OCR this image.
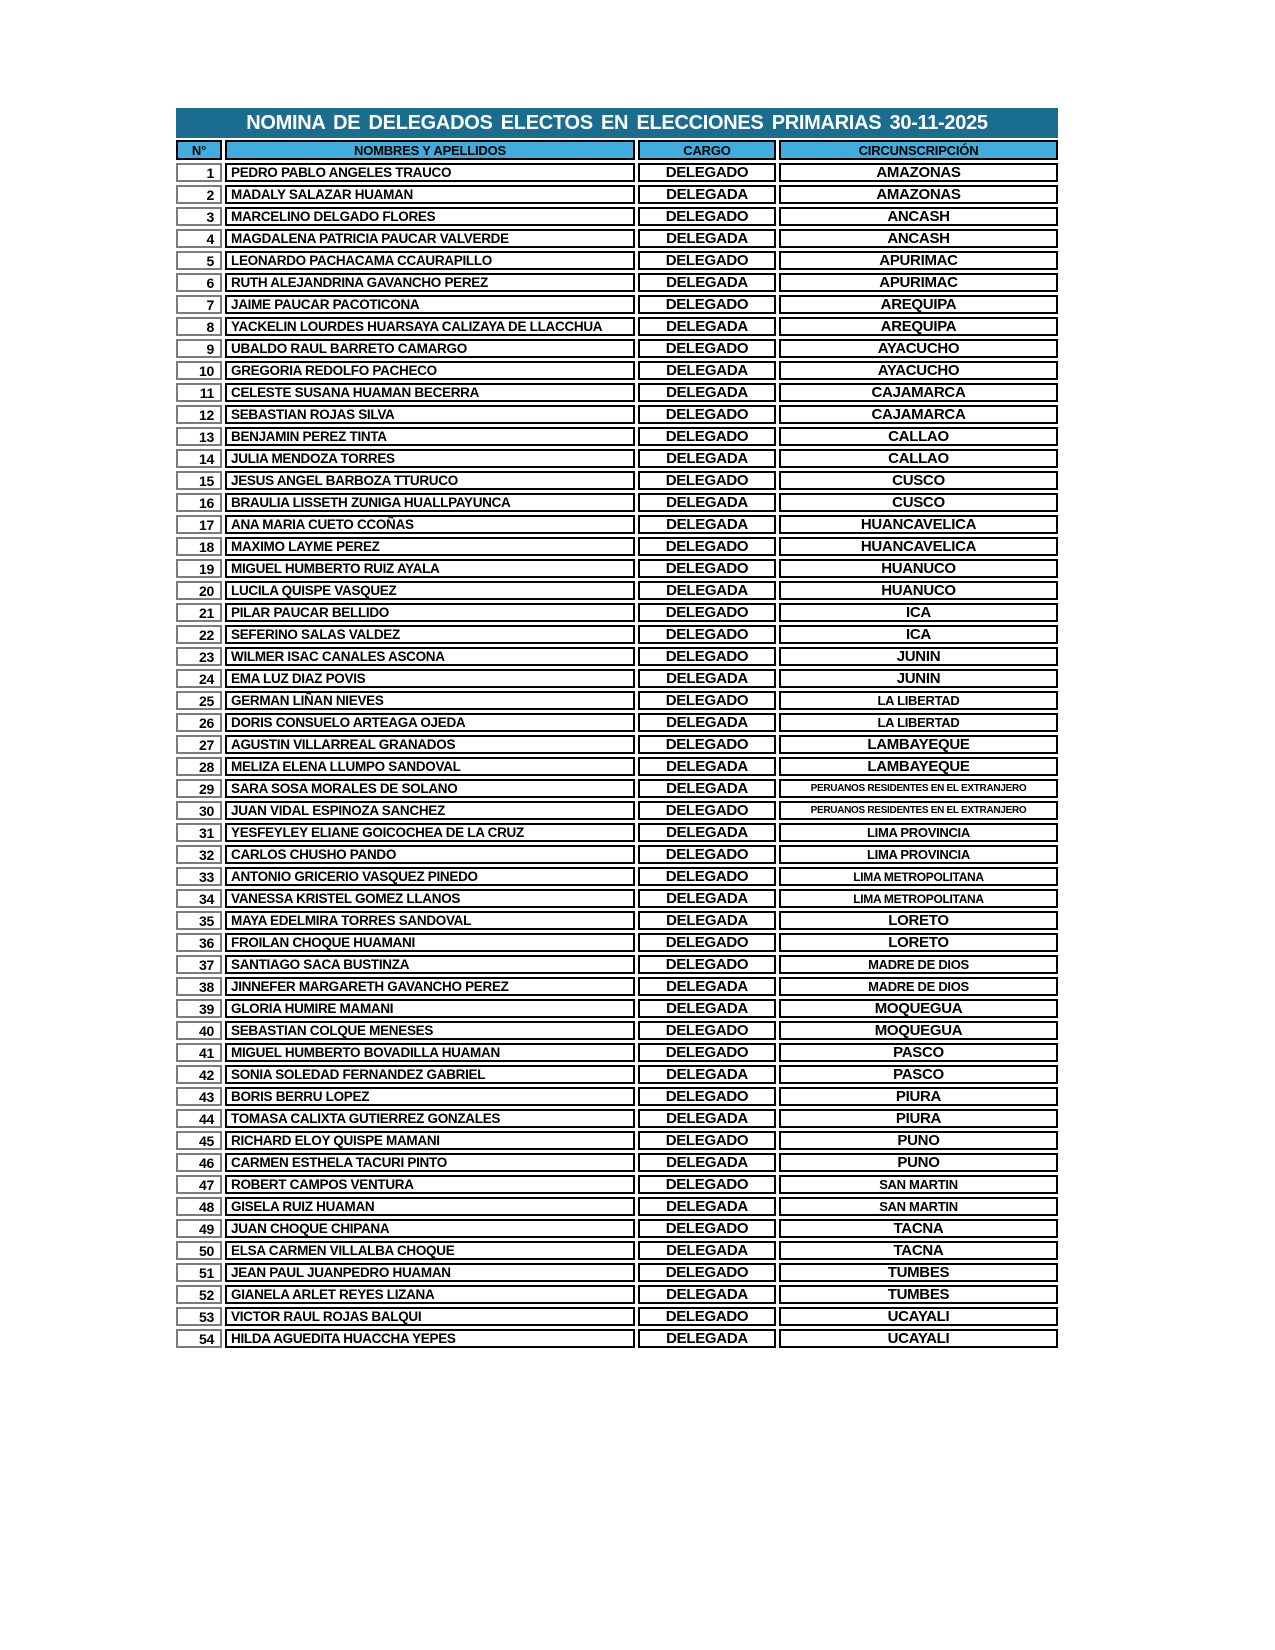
NOMINA DE DELEGADOS ELECTOS EN ELECCIONES PRIMARIAS 30-11-2025
N°	NOMBRES Y APELLIDOS	CARGO	CIRCUNSCRIPCIÓN
1	PEDRO PABLO ANGELES TRAUCO	DELEGADO	AMAZONAS
2	MADALY SALAZAR HUAMAN	DELEGADA	AMAZONAS
3	MARCELINO DELGADO FLORES	DELEGADO	ANCASH
4	MAGDALENA PATRICIA PAUCAR VALVERDE	DELEGADA	ANCASH
5	LEONARDO PACHACAMA CCAURAPILLO	DELEGADO	APURIMAC
6	RUTH ALEJANDRINA GAVANCHO PEREZ	DELEGADA	APURIMAC
7	JAIME PAUCAR PACOTICONA	DELEGADO	AREQUIPA
8	YACKELIN LOURDES HUARSAYA CALIZAYA DE LLACCHUA	DELEGADA	AREQUIPA
9	UBALDO RAUL BARRETO CAMARGO	DELEGADO	AYACUCHO
10	GREGORIA REDOLFO PACHECO	DELEGADA	AYACUCHO
11	CELESTE SUSANA HUAMAN BECERRA	DELEGADA	CAJAMARCA
12	SEBASTIAN ROJAS SILVA	DELEGADO	CAJAMARCA
13	BENJAMIN PEREZ TINTA	DELEGADO	CALLAO
14	JULIA MENDOZA TORRES	DELEGADA	CALLAO
15	JESUS ANGEL BARBOZA TTURUCO	DELEGADO	CUSCO
16	BRAULIA LISSETH ZUNIGA HUALLPAYUNCA	DELEGADA	CUSCO
17	ANA MARIA CUETO CCOÑAS	DELEGADA	HUANCAVELICA
18	MAXIMO LAYME PEREZ	DELEGADO	HUANCAVELICA
19	MIGUEL HUMBERTO RUIZ AYALA	DELEGADO	HUANUCO
20	LUCILA QUISPE VASQUEZ	DELEGADA	HUANUCO
21	PILAR PAUCAR BELLIDO	DELEGADO	ICA
22	SEFERINO SALAS VALDEZ	DELEGADO	ICA
23	WILMER ISAC CANALES ASCONA	DELEGADO	JUNIN
24	EMA LUZ DIAZ POVIS	DELEGADA	JUNIN
25	GERMAN LIÑAN NIEVES	DELEGADO	LA LIBERTAD
26	DORIS CONSUELO ARTEAGA OJEDA	DELEGADA	LA LIBERTAD
27	AGUSTIN VILLARREAL GRANADOS	DELEGADO	LAMBAYEQUE
28	MELIZA ELENA LLUMPO SANDOVAL	DELEGADA	LAMBAYEQUE
29	SARA SOSA MORALES DE SOLANO	DELEGADA	PERUANOS RESIDENTES EN EL EXTRANJERO
30	JUAN VIDAL ESPINOZA SANCHEZ	DELEGADO	PERUANOS RESIDENTES EN EL EXTRANJERO
31	YESFEYLEY ELIANE GOICOCHEA DE LA CRUZ	DELEGADA	LIMA PROVINCIA
32	CARLOS CHUSHO PANDO	DELEGADO	LIMA PROVINCIA
33	ANTONIO GRICERIO VASQUEZ PINEDO	DELEGADO	LIMA METROPOLITANA
34	VANESSA KRISTEL GOMEZ LLANOS	DELEGADA	LIMA METROPOLITANA
35	MAYA EDELMIRA TORRES SANDOVAL	DELEGADA	LORETO
36	FROILAN CHOQUE HUAMANI	DELEGADO	LORETO
37	SANTIAGO SACA BUSTINZA	DELEGADO	MADRE DE DIOS
38	JINNEFER MARGARETH GAVANCHO PEREZ	DELEGADA	MADRE DE DIOS
39	GLORIA HUMIRE MAMANI	DELEGADA	MOQUEGUA
40	SEBASTIAN COLQUE MENESES	DELEGADO	MOQUEGUA
41	MIGUEL HUMBERTO BOVADILLA HUAMAN	DELEGADO	PASCO
42	SONIA SOLEDAD FERNANDEZ GABRIEL	DELEGADA	PASCO
43	BORIS BERRU LOPEZ	DELEGADO	PIURA
44	TOMASA CALIXTA GUTIERREZ GONZALES	DELEGADA	PIURA
45	RICHARD ELOY QUISPE MAMANI	DELEGADO	PUNO
46	CARMEN ESTHELA TACURI PINTO	DELEGADA	PUNO
47	ROBERT CAMPOS VENTURA	DELEGADO	SAN MARTIN
48	GISELA RUIZ HUAMAN	DELEGADA	SAN MARTIN
49	JUAN CHOQUE CHIPANA	DELEGADO	TACNA
50	ELSA CARMEN VILLALBA CHOQUE	DELEGADA	TACNA
51	JEAN PAUL JUANPEDRO HUAMAN	DELEGADO	TUMBES
52	GIANELA ARLET REYES LIZANA	DELEGADA	TUMBES
53	VICTOR RAUL ROJAS BALQUI	DELEGADO	UCAYALI
54	HILDA AGUEDITA HUACCHA YEPES	DELEGADA	UCAYALI
